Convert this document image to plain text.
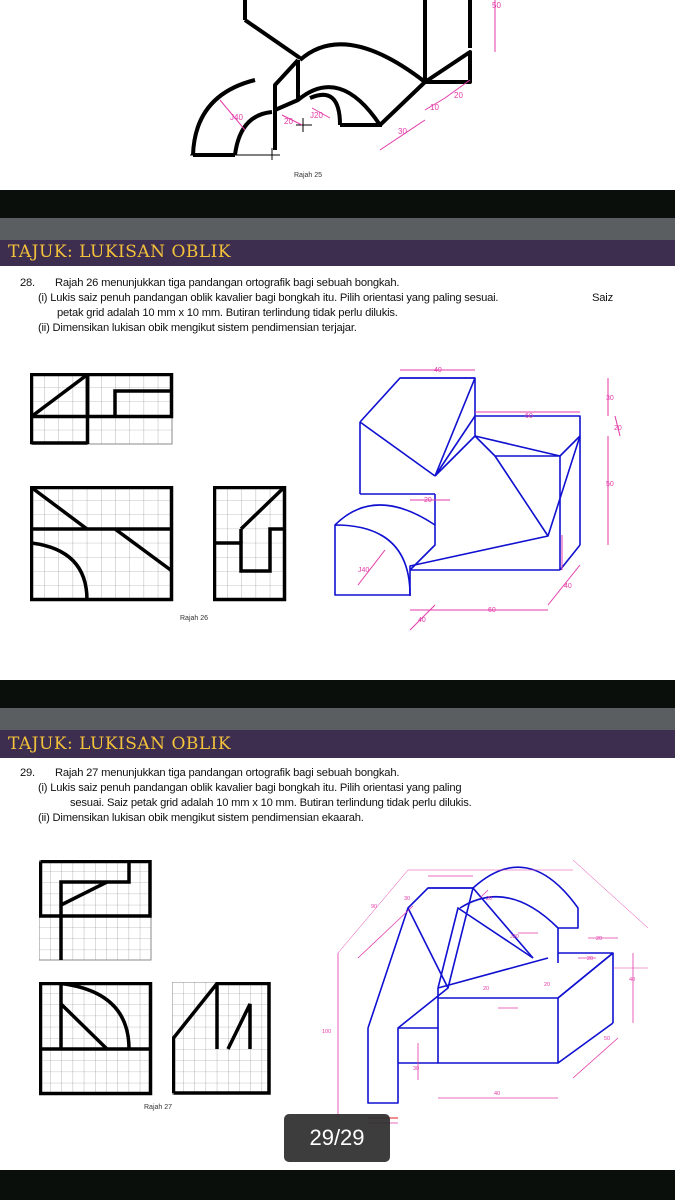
J40	20
J20
30
10
20
50
Rajah 25
TAJUK: LUKISAN OBLIK
28. Rajah 26 menunjukkan tiga pandangan ortografik bagi sebuah bongkah.
(i) Lukis saiz penuh pandangan oblik kavalier bagi bongkah itu. Pilih orientasi yang paling sesuai.	Saiz
petak grid adalah 10 mm x 10 mm. Butiran terlindung tidak perlu dilukis.
(ii) Dimensikan lukisan obik mengikut sistem pendimensian terjajar.
Rajah 26
40
60
30
20
50
20
J40
60
40
40
TAJUK: LUKISAN OBLIK
29. Rajah 27 menunjukkan tiga pandangan ortografik bagi sebuah bongkah.
(i) Lukis saiz penuh pandangan oblik kavalier bagi bongkah itu. Pilih orientasi yang paling
sesuai. Saiz petak grid adalah 10 mm x 10 mm. Butiran terlindung tidak perlu dilukis.
(ii) Dimensikan lukisan obik mengikut sistem pendimensian ekaarah.
Rajah 27
90
30	20
J20
20
20
20
40
50
100
30
40
20
29/29
